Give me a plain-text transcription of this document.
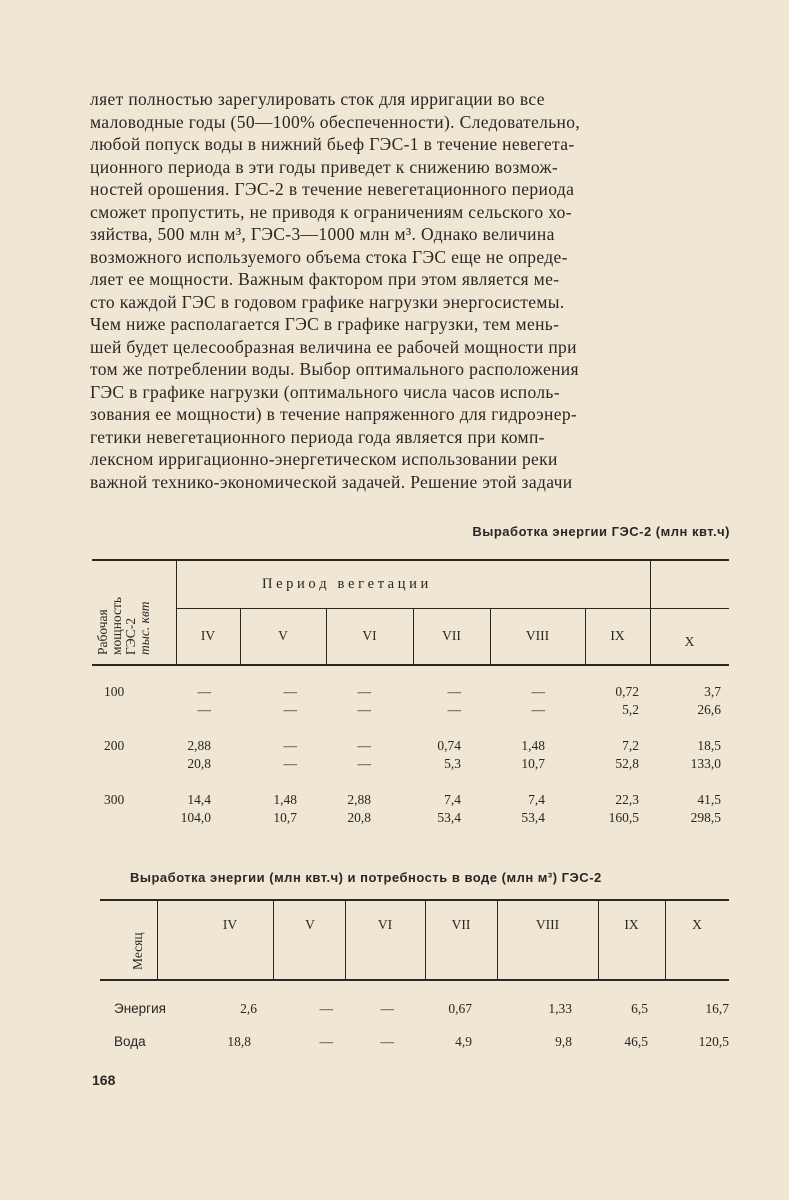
ляет полностью зарегулировать сток для ирригации во все
маловодные годы (50—100% обеспеченности). Следовательно,
любой попуск воды в нижний бьеф ГЭС-1 в течение невегета-
ционного периода в эти годы приведет к снижению возмож-
ностей орошения. ГЭС-2 в течение невегетационного периода
сможет пропустить, не приводя к ограничениям сельского хо-
зяйства, 500 млн м³, ГЭС-3—1000 млн м³. Однако величина
возможного используемого объема стока ГЭС еще не опреде-
ляет ее мощности. Важным фактором при этом является ме-
сто каждой ГЭС в годовом графике нагрузки энергосистемы.
Чем ниже располагается ГЭС в графике нагрузки, тем мень-
шей будет целесообразная величина ее рабочей мощности при
том же потреблении воды. Выбор оптимального расположения
ГЭС в графике нагрузки (оптимального числа часов исполь-
зования ее мощности) в течение напряженного для гидроэнер-
гетики невегетационного периода года является при комп-
лексном ирригационно-энергетическом использовании реки
важной технико-экономической задачей. Решение этой задачи
Выработка энергии ГЭС-2 (млн квт.ч)
Рабочая мощность ГЭС-2 тыс. квт
П е р и о д   в е г е т а ц и и
IV	V	VI	VII	VIII	IX	X
100	—	—	—	—	—	0,72	3,7
—	—	—	—	—	5,2	26,6
200	2,88	—	—	0,74	1,48	7,2	18,5
20,8	—	—	5,3	10,7	52,8	133,0
300	14,4	1,48	2,88	7,4	7,4	22,3	41,5
104,0	10,7	20,8	53,4	53,4	160,5	298,5
Выработка энергии (млн квт.ч) и потребность в воде (млн м³) ГЭС-2
Месяц
IV	V	VI	VII	VIII	IX	X
Энергия	2,6	—	—	0,67	1,33	6,5	16,7
Вода	18,8	—	—	4,9	9,8	46,5	120,5
168
